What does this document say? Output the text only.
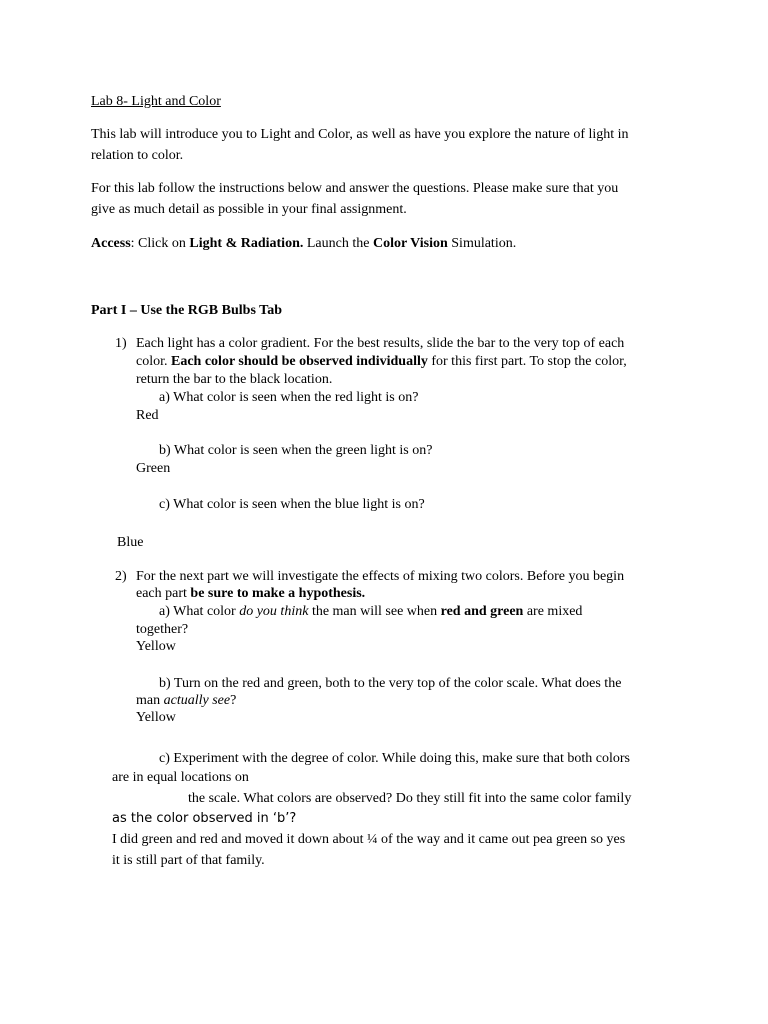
Lab 8- Light and Color
This lab will introduce you to Light and Color, as well as have you explore the nature of light in
relation to color.
For this lab follow the instructions below and answer the questions. Please make sure that you
give as much detail as possible in your final assignment.
Access: Click on Light & Radiation. Launch the Color Vision Simulation.
Part I – Use the RGB Bulbs Tab
1) Each light has a color gradient. For the best results, slide the bar to the very top of each
color. Each color should be observed individually for this first part. To stop the color,
return the bar to the black location.
a) What color is seen when the red light is on?
Red
b) What color is seen when the green light is on?
Green
c) What color is seen when the blue light is on?
Blue
2) For the next part we will investigate the effects of mixing two colors. Before you begin
each part be sure to make a hypothesis.
a) What color do you think the man will see when red and green are mixed
together?
Yellow
b) Turn on the red and green, both to the very top of the color scale. What does the
man actually see?
Yellow
c) Experiment with the degree of color. While doing this, make sure that both colors
are in equal locations on
the scale. What colors are observed? Do they still fit into the same color family
as the color observed in ‘b’?
I did green and red and moved it down about ¼ of the way and it came out pea green so yes
it is still part of that family.
